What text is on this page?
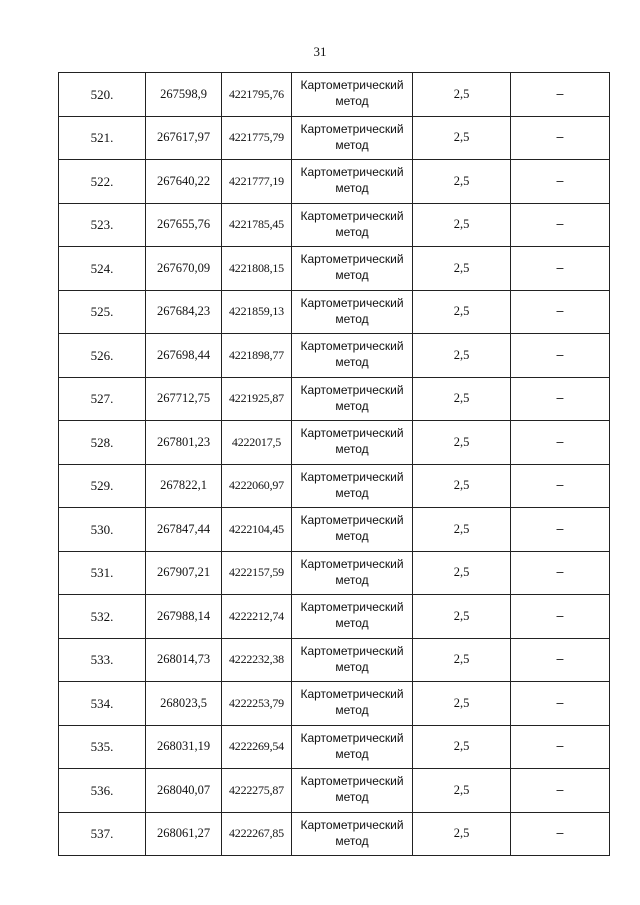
31
520.	267598,9	4221795,76	Картометрический метод	2,5	–
521.	267617,97	4221775,79	Картометрический метод	2,5	–
522.	267640,22	4221777,19	Картометрический метод	2,5	–
523.	267655,76	4221785,45	Картометрический метод	2,5	–
524.	267670,09	4221808,15	Картометрический метод	2,5	–
525.	267684,23	4221859,13	Картометрический метод	2,5	–
526.	267698,44	4221898,77	Картометрический метод	2,5	–
527.	267712,75	4221925,87	Картометрический метод	2,5	–
528.	267801,23	4222017,5	Картометрический метод	2,5	–
529.	267822,1	4222060,97	Картометрический метод	2,5	–
530.	267847,44	4222104,45	Картометрический метод	2,5	–
531.	267907,21	4222157,59	Картометрический метод	2,5	–
532.	267988,14	4222212,74	Картометрический метод	2,5	–
533.	268014,73	4222232,38	Картометрический метод	2,5	–
534.	268023,5	4222253,79	Картометрический метод	2,5	–
535.	268031,19	4222269,54	Картометрический метод	2,5	–
536.	268040,07	4222275,87	Картометрический метод	2,5	–
537.	268061,27	4222267,85	Картометрический метод	2,5	–
